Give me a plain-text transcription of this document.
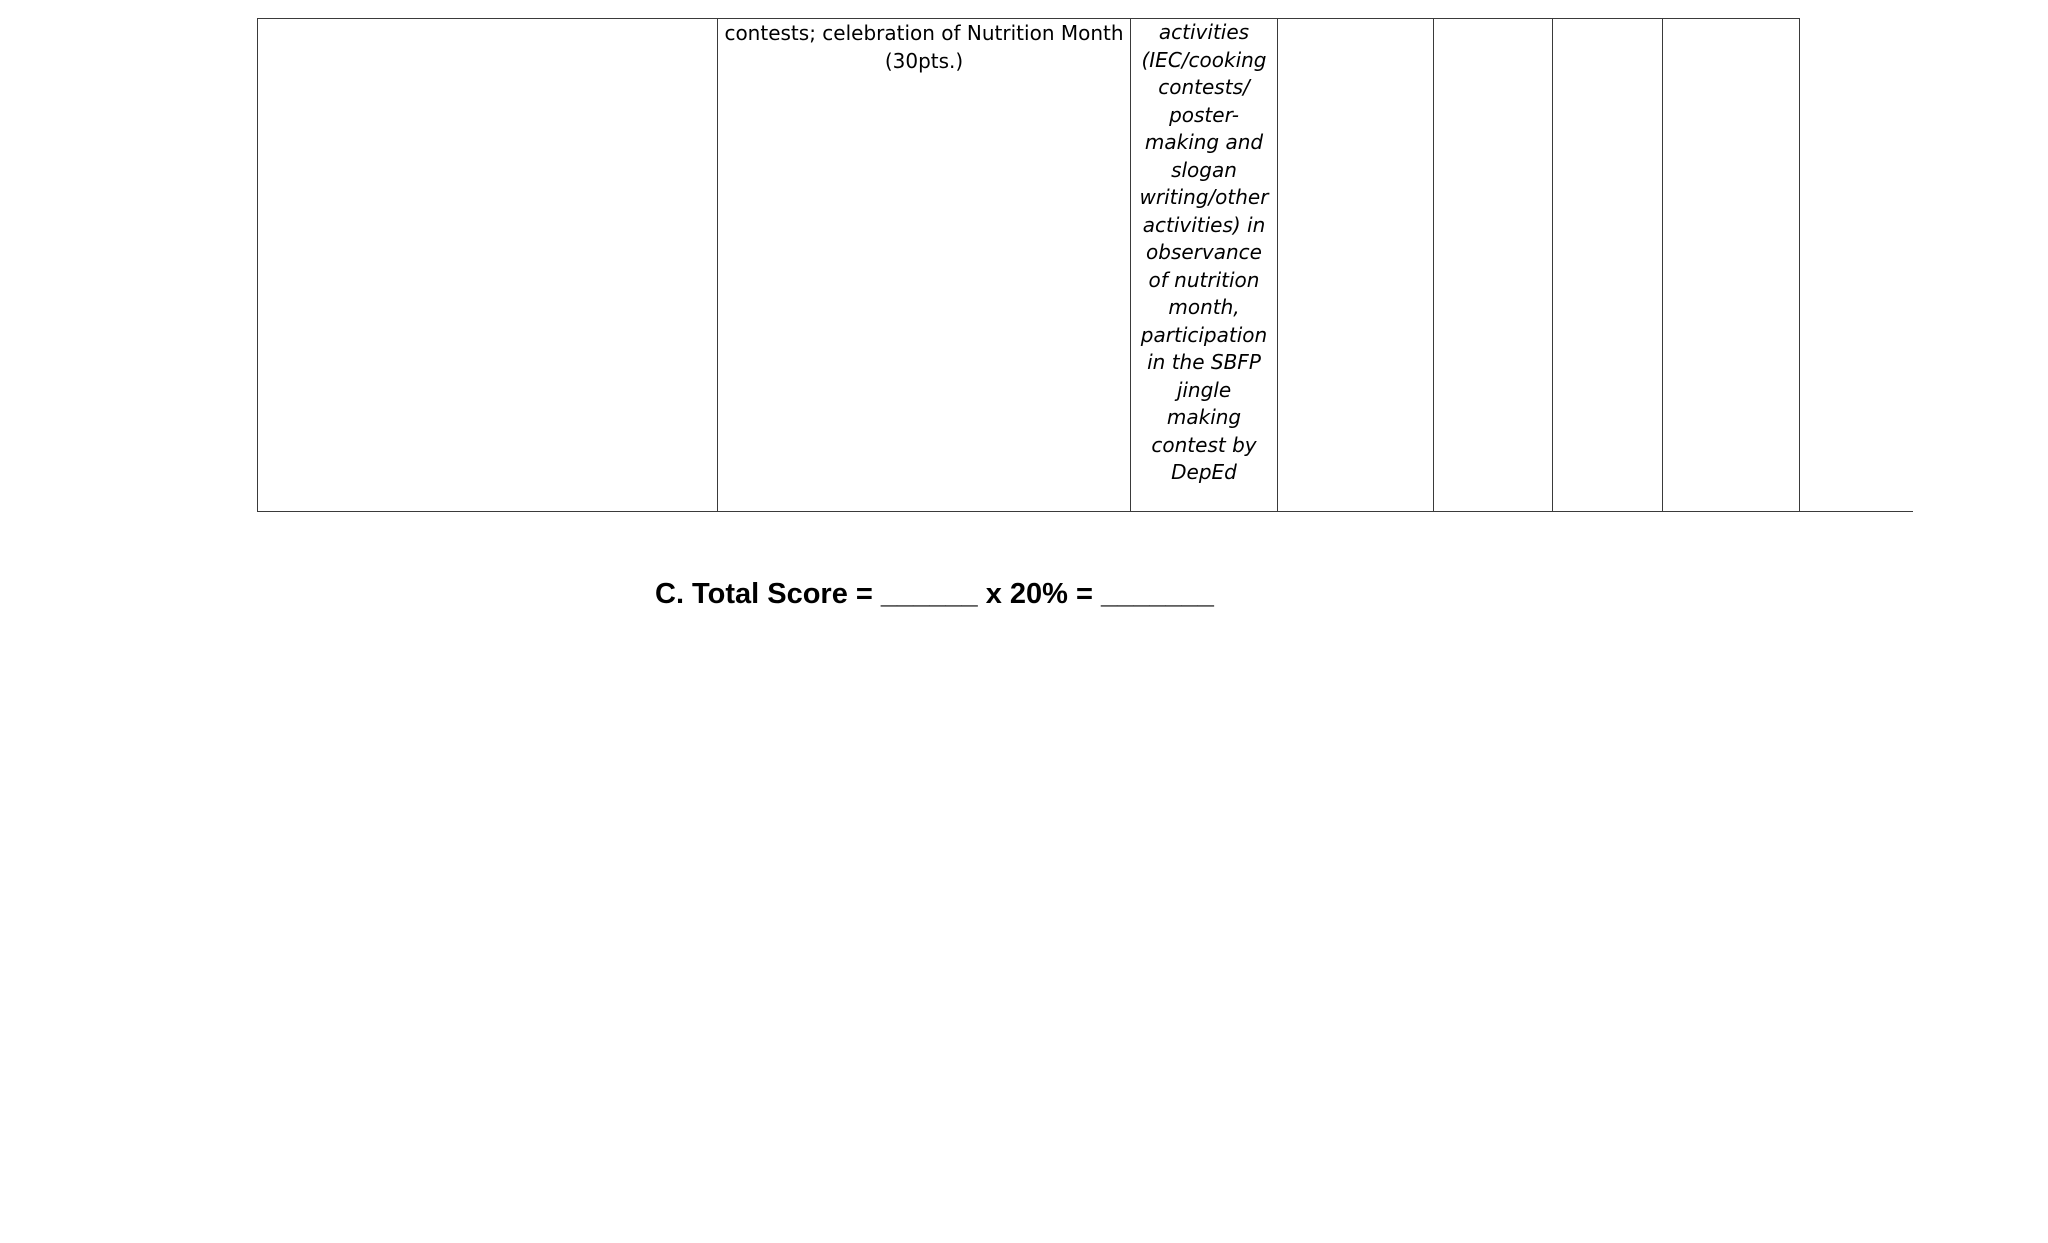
contests; celebration of Nutrition Month (30pts.)

activities
(IEC/cooking
contests/
poster-
making and
slogan
writing/other
activities) in
observance
of nutrition
month,
participation
in the SBFP
jingle making
contest by
DepEd

C. Total Score = ______ x 20% = _______
